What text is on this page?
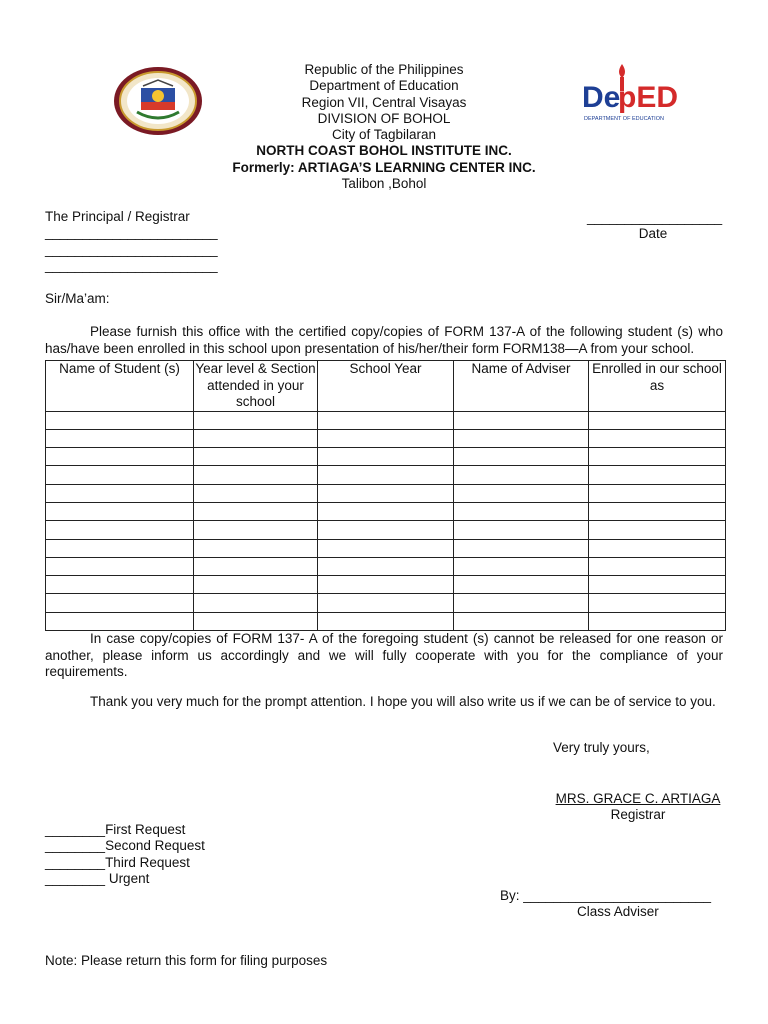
De
pED
DEPARTMENT OF EDUCATION
Republic of the Philippines
Department of Education
Region VII, Central Visayas
DIVISION OF BOHOL
City of Tagbilaran
NORTH COAST BOHOL INSTITUTE INC.
Formerly: ARTIAGA’S LEARNING CENTER INC.
Talibon ,Bohol
The Principal / Registrar
_______________________
_______________________
_______________________
__________________
Date
Sir/Ma’am:
Please furnish this office with the certified copy/copies of FORM 137-A of the following student (s) who has/have been enrolled in this school upon presentation of his/her/their form FORM138—A from your school.
Name of Student (s)	Year level & Section attended in your school	School Year	Name of Adviser	Enrolled in our school as

In case copy/copies of FORM 137- A of the foregoing student (s) cannot be released for one reason or another, please inform us accordingly and we will fully cooperate with you for the compliance of your requirements.
Thank you very much for the prompt attention. I hope you will also write us if we can be of service to you.
Very truly yours,
MRS. GRACE C. ARTIAGA
Registrar
________First Request
________Second Request
________Third Request
________ Urgent
By: _________________________
Class Adviser
Note: Please return this form for filing purposes
